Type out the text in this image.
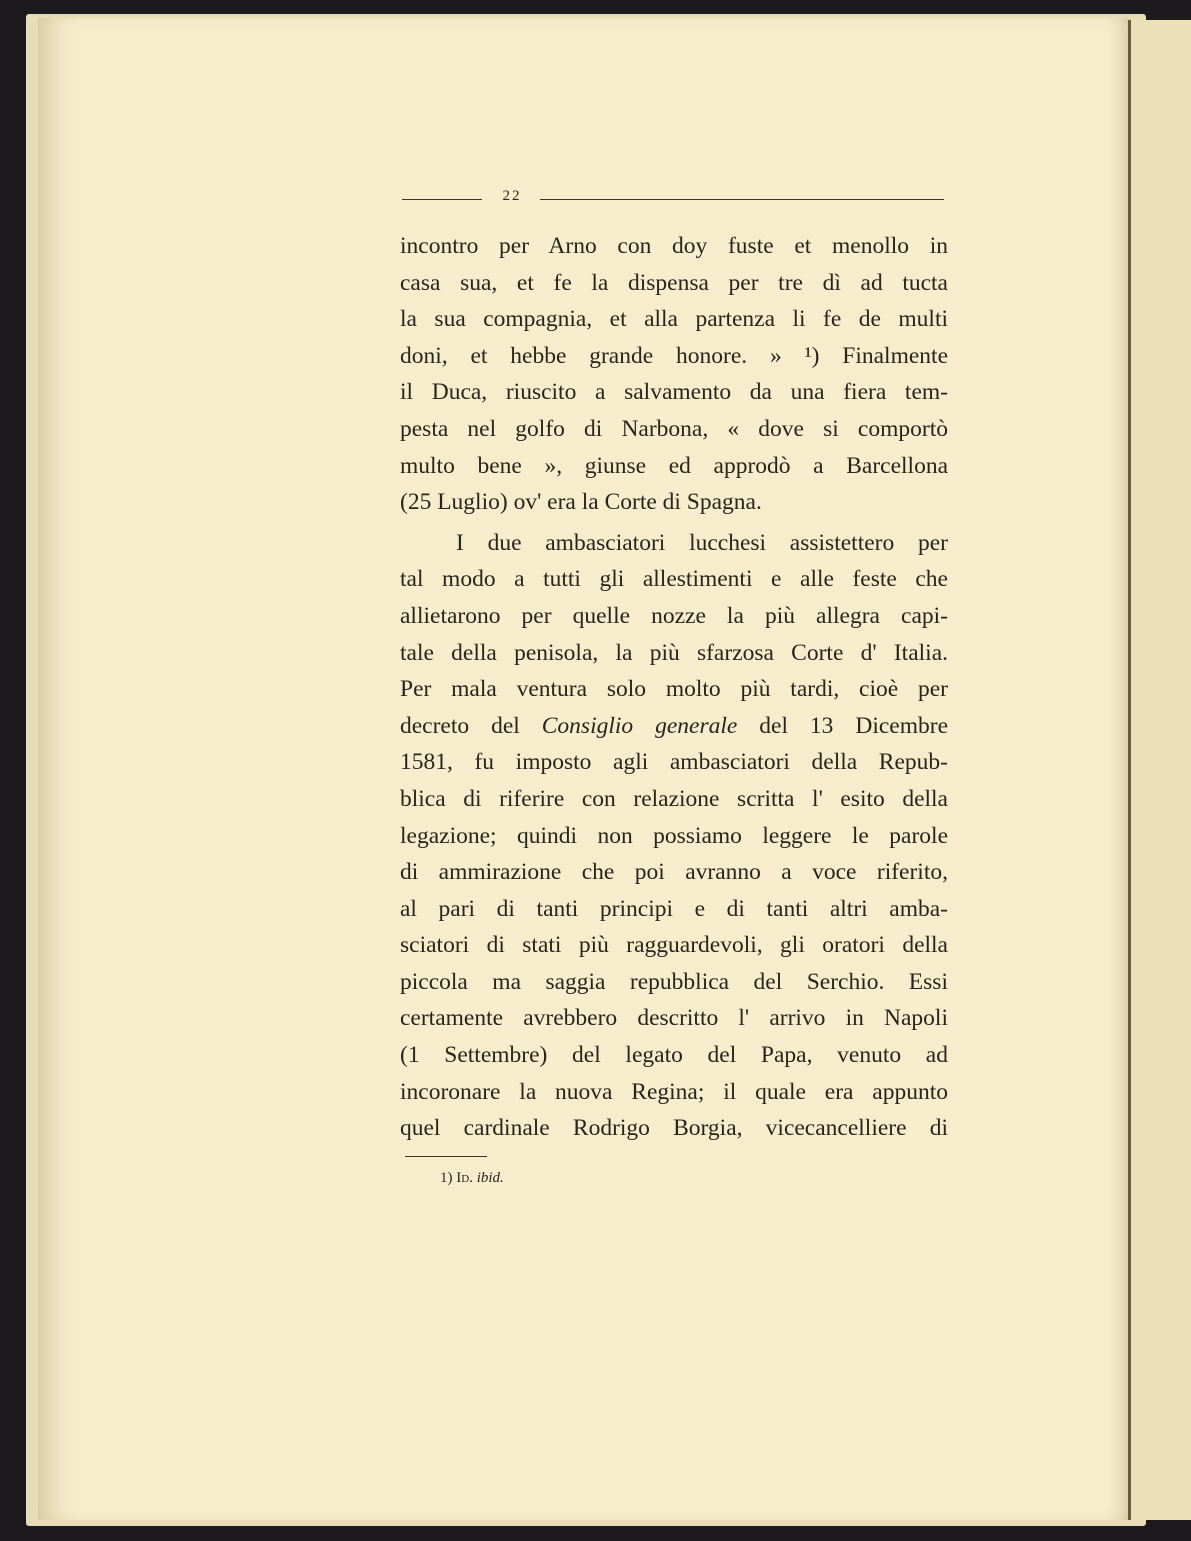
22
incontro per Arno con doy fuste et menollo in
casa sua, et fe la dispensa per tre dì ad tucta
la sua compagnia, et alla partenza li fe de multi
doni, et hebbe grande honore. » ¹) Finalmente
il Duca, riuscito a salvamento da una fiera tem-
pesta nel golfo di Narbona, « dove si comportò
multo bene », giunse ed approdò a Barcellona
(25 Luglio) ov' era la Corte di Spagna.
I due ambasciatori lucchesi assistettero per
tal modo a tutti gli allestimenti e alle feste che
allietarono per quelle nozze la più allegra capi-
tale della penisola, la più sfarzosa Corte d' Italia.
Per mala ventura solo molto più tardi, cioè per
decreto del Consiglio generale del 13 Dicembre
1581, fu imposto agli ambasciatori della Repub-
blica di riferire con relazione scritta l' esito della
legazione; quindi non possiamo leggere le parole
di ammirazione che poi avranno a voce riferito,
al pari di tanti principi e di tanti altri amba-
sciatori di stati più ragguardevoli, gli oratori della
piccola ma saggia repubblica del Serchio. Essi
certamente avrebbero descritto l' arrivo in Napoli
(1 Settembre) del legato del Papa, venuto ad
incoronare la nuova Regina; il quale era appunto
quel cardinale Rodrigo Borgia, vicecancelliere di
1) Id. ibid.
